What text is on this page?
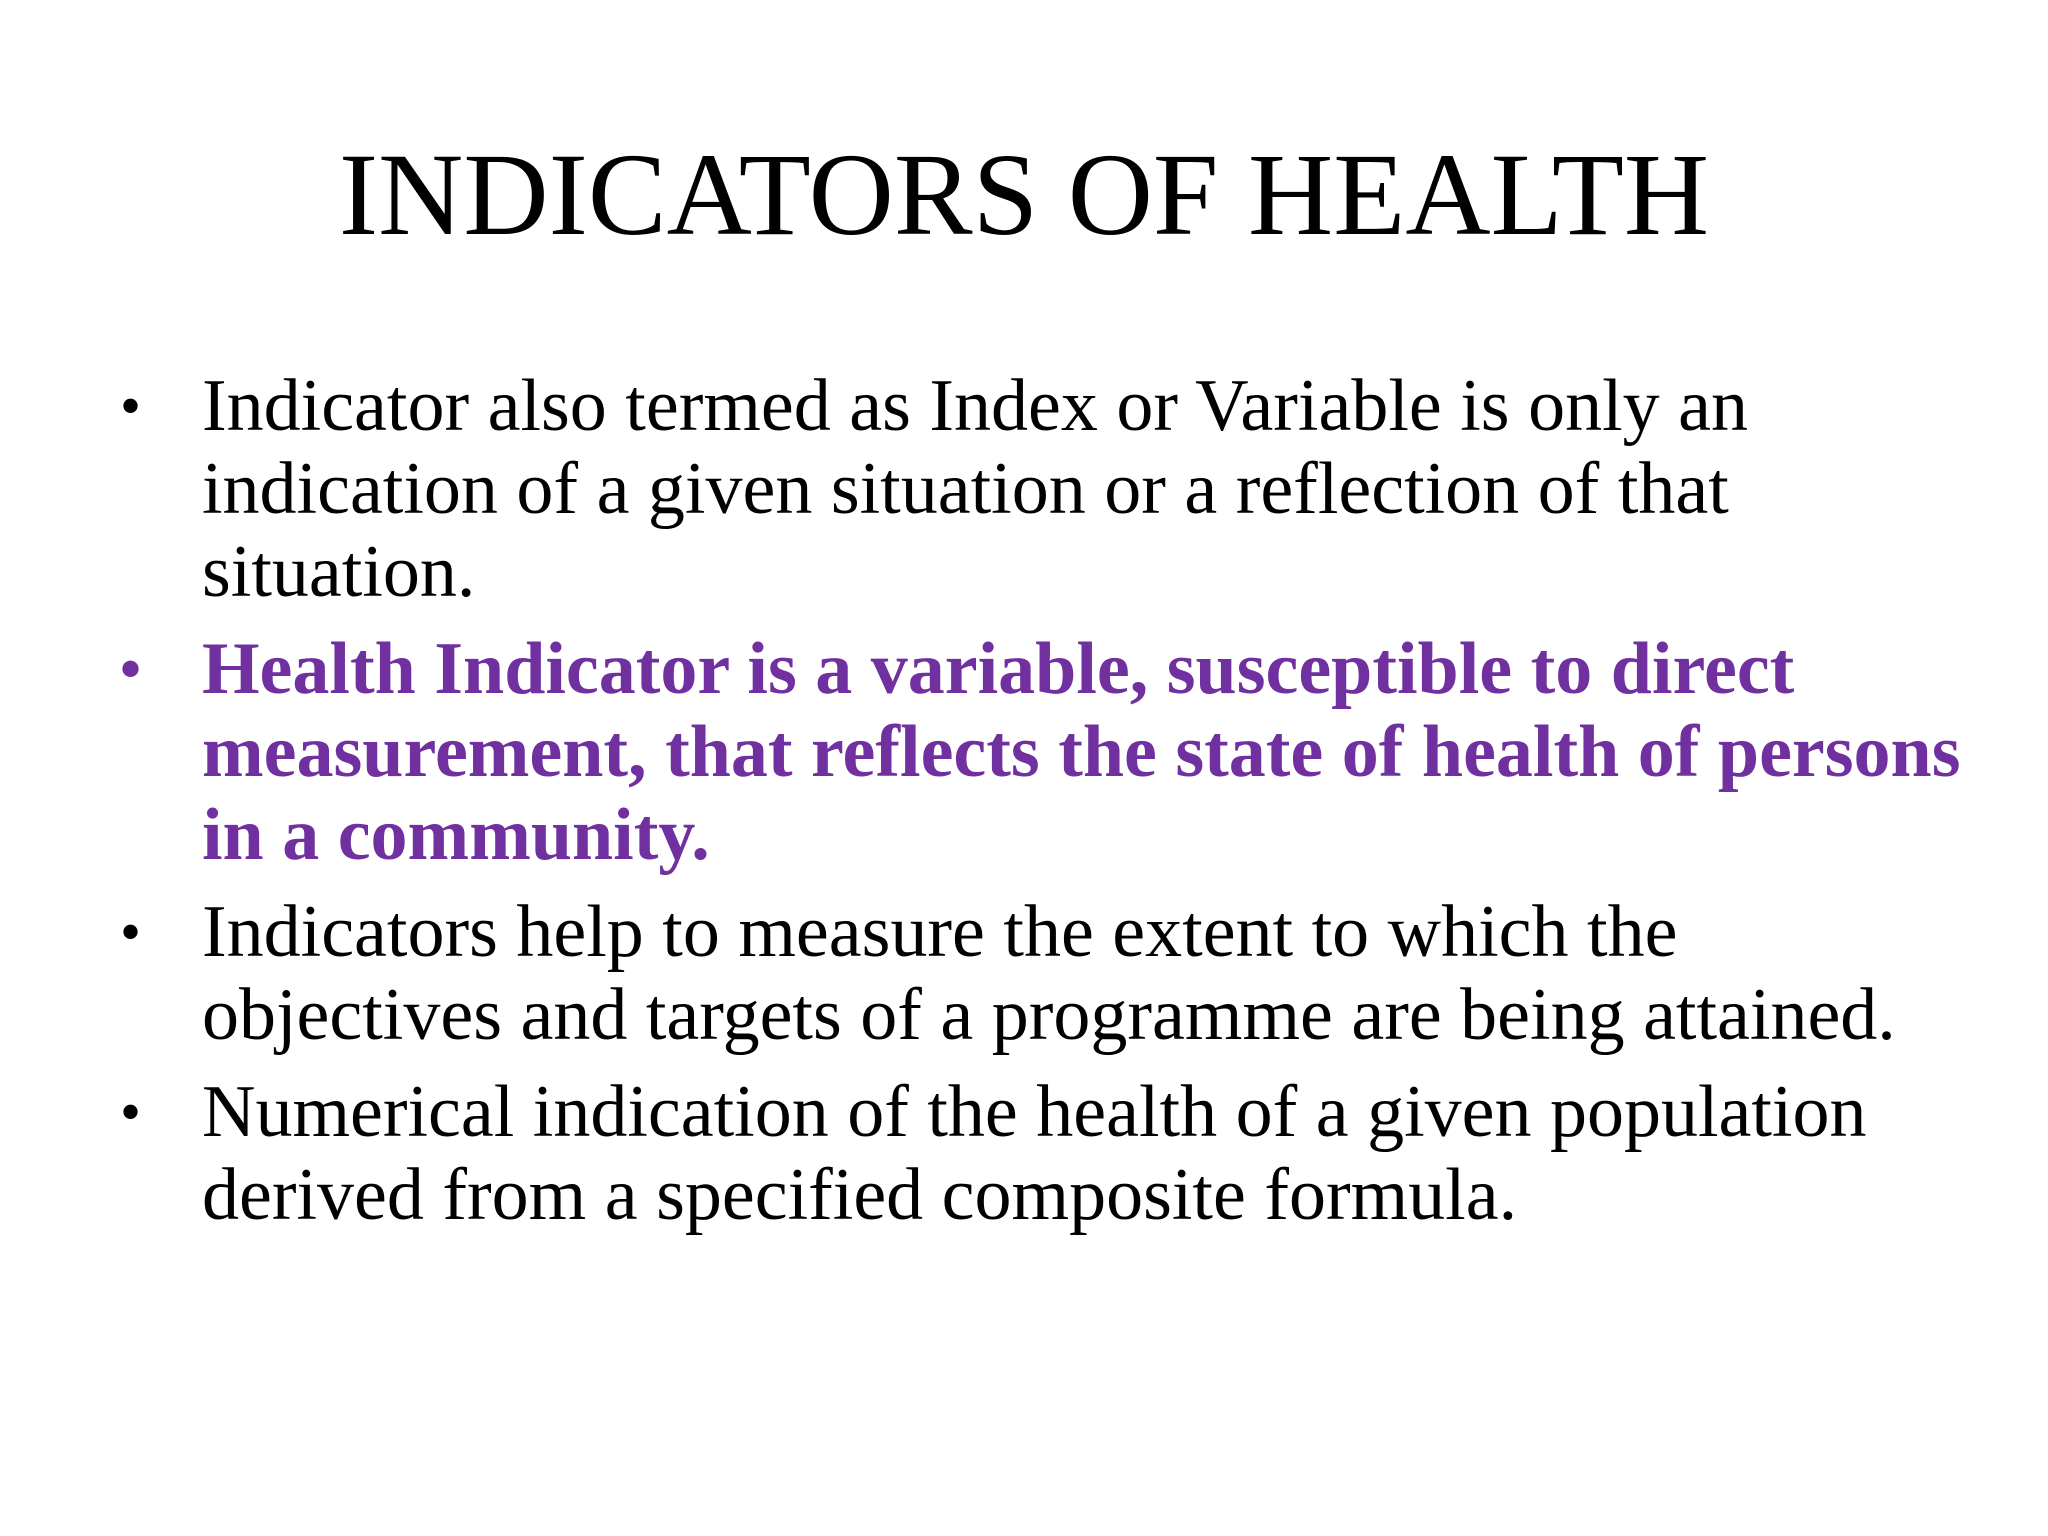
INDICATORS OF HEALTH
• Indicator also termed as Index or Variable is only an indication of a given situation or a reflection of that situation.
• Health Indicator is a variable, susceptible to direct measurement, that reflects the state of health of persons in a community.
• Indicators help to measure the extent to which the objectives and targets of a programme are being attained.
• Numerical indication of the health of a given population derived from a specified composite formula.
